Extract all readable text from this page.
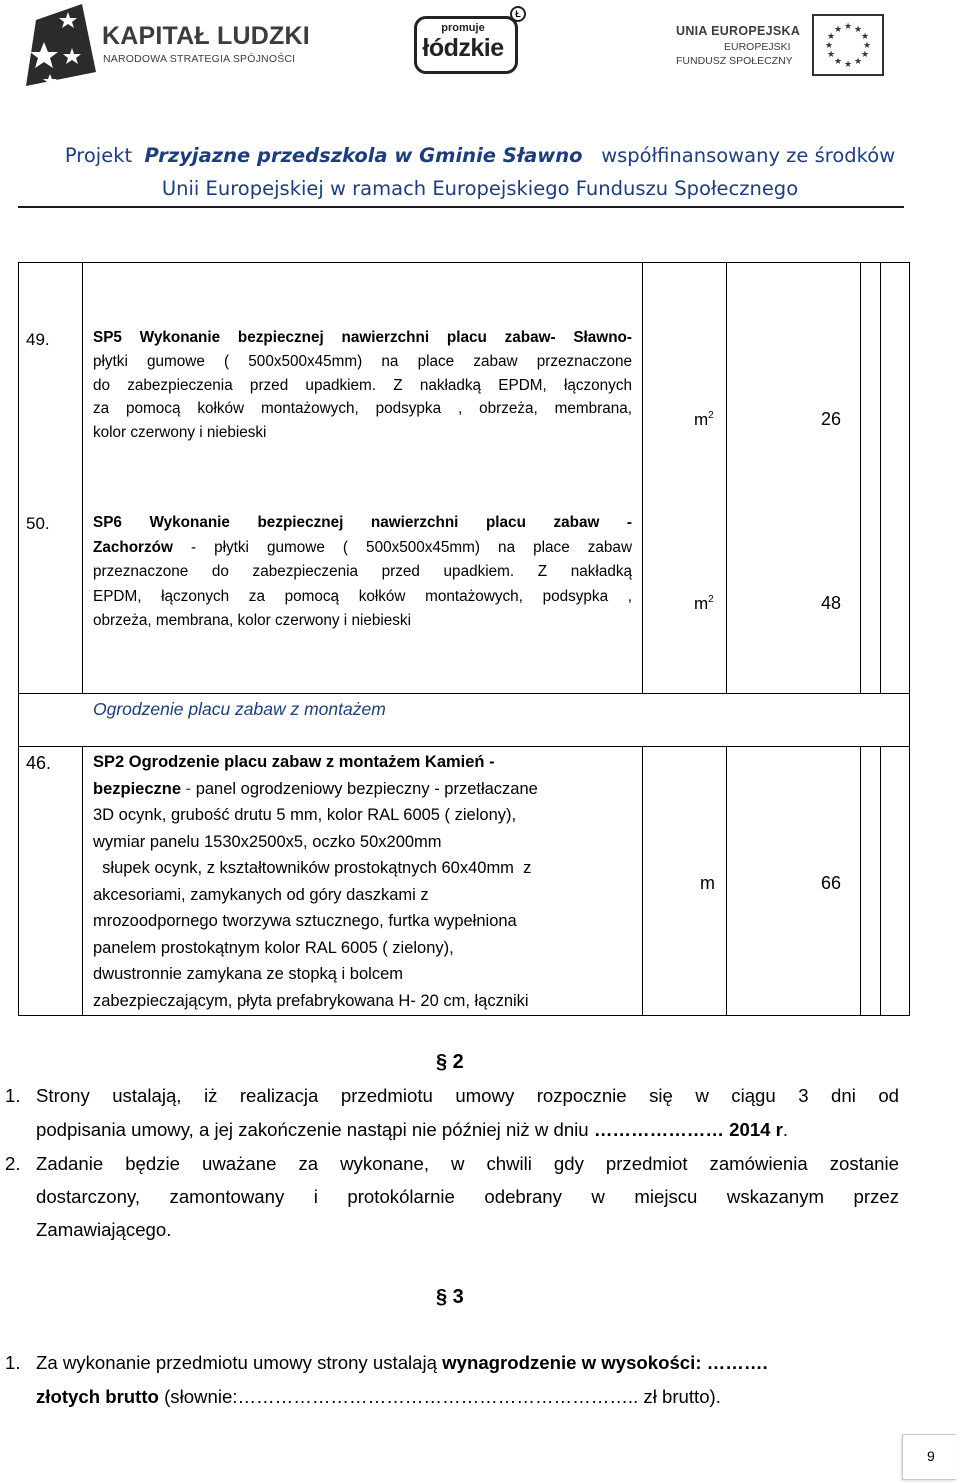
KAPITAŁ LUDZKI
NARODOWA STRATEGIA SPÓJNOŚCI
promuje
łódzkie
Ł
UNIA EUROPEJSKA
EUROPEJSKI
FUNDUSZ SPOŁECZNY
★ ★
★
★
★
★
★
★
★
★
★
★
Projekt Przyjazne przedszkola w Gminie Sławno współfinansowany ze środków
Unii Europejskiej w ramach Europejskiego Funduszu Społecznego
49.	SP5 Wykonanie bezpiecznej nawierzchni placu zabaw- Sławno-
płytki gumowe ( 500x500x45mm) na place zabaw przeznaczone
do zabezpieczenia przed upadkiem. Z nakładką EPDM, łączonych
za pomocą kołków montażowych, podsypka , obrzeża, membrana,
kolor czerwony i niebieski
$m^2$	26
50.	SP6 Wykonanie bezpiecznej nawierzchni placu zabaw -
Zachorzów - płytki gumowe ( 500x500x45mm) na place zabaw
przeznaczone do zabezpieczenia przed upadkiem. Z nakładką
EPDM, łączonych za pomocą kołków montażowych, podsypka ,
obrzeża, membrana, kolor czerwony i niebieski
$m^2$	48
Ogrodzenie placu zabaw z montażem
46.	SP2 Ogrodzenie placu zabaw z montażem Kamień -
bezpieczne - panel ogrodzeniowy bezpieczny - przetłaczane
3D ocynk, grubość drutu 5 mm, kolor RAL 6005 ( zielony),
wymiar panelu 1530x2500x5, oczko 50x200mm
słupek ocynk, z kształtowników prostokątnych 60x40mm  z
akcesoriami, zamykanych od góry daszkami z
mrozoodpornego tworzywa sztucznego, furtka wypełniona
panelem prostokątnym kolor RAL 6005 ( zielony),
dwustronnie zamykana ze stopką i bolcem
zabezpieczającym, płyta prefabrykowana H- 20 cm, łączniki
m	66
§ 2
1. Strony ustalają, iż realizacja przedmiotu umowy rozpocznie się w ciągu 3 dni od
podpisania umowy, a jej zakończenie nastąpi nie później niż w dniu ………………… 2014 r.
2. Zadanie będzie uważane za wykonane, w chwili gdy przedmiot zamówienia zostanie
dostarczony, zamontowany i protokólarnie odebrany w miejscu wskazanym przez
Zamawiającego.
§ 3
1. Za wykonanie przedmiotu umowy strony ustalają wynagrodzenie w wysokości: ……….
złotych brutto (słownie:……………………………………………………….. zł brutto).
9
